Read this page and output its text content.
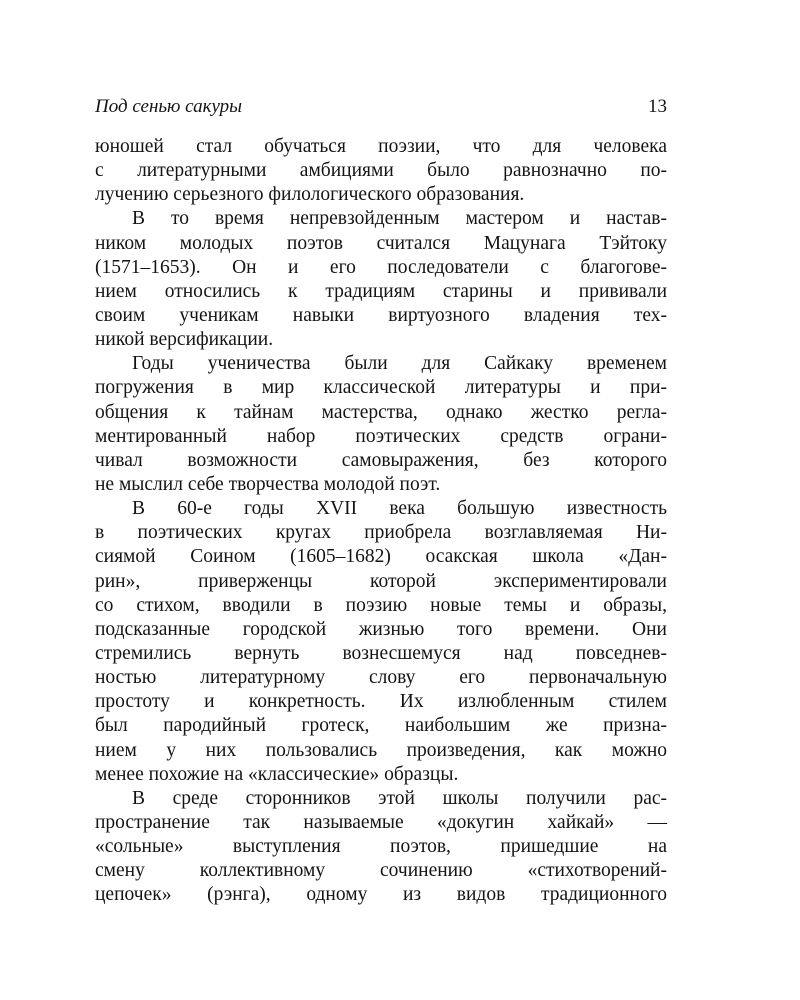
Под сенью сакуры	13
юношей стал обучаться поэзии, что для человека
с литературными амбициями было равнозначно по-
лучению серьезного филологического образования.
В то время непревзойденным мастером и настав-
ником молодых поэтов считался Мацунага Тэйтоку
(1571–1653). Он и его последователи с благогове-
нием относились к традициям старины и прививали
своим ученикам навыки виртуозного владения тех-
никой версификации.
Годы ученичества были для Сайкаку временем
погружения в мир классической литературы и при-
общения к тайнам мастерства, однако жестко регла-
ментированный набор поэтических средств ограни-
чивал возможности самовыражения, без которого
не мыслил себе творчества молодой поэт.
В 60-е годы XVII века большую известность
в поэтических кругах приобрела возглавляемая Ни-
сиямой Соином (1605–1682) осакская школа «Дан-
рин», приверженцы которой экспериментировали
со стихом, вводили в поэзию новые темы и образы,
подсказанные городской жизнью того времени. Они
стремились вернуть вознесшемуся над повседнев-
ностью литературному слову его первоначальную
простоту и конкретность. Их излюбленным стилем
был пародийный гротеск, наибольшим же призна-
нием у них пользовались произведения, как можно
менее похожие на «классические» образцы.
В среде сторонников этой школы получили рас-
пространение так называемые «докугин хайкай» —
«сольные» выступления поэтов, пришедшие на
смену коллективному сочинению «стихотворений-
цепочек» (рэнга), одному из видов традиционного
